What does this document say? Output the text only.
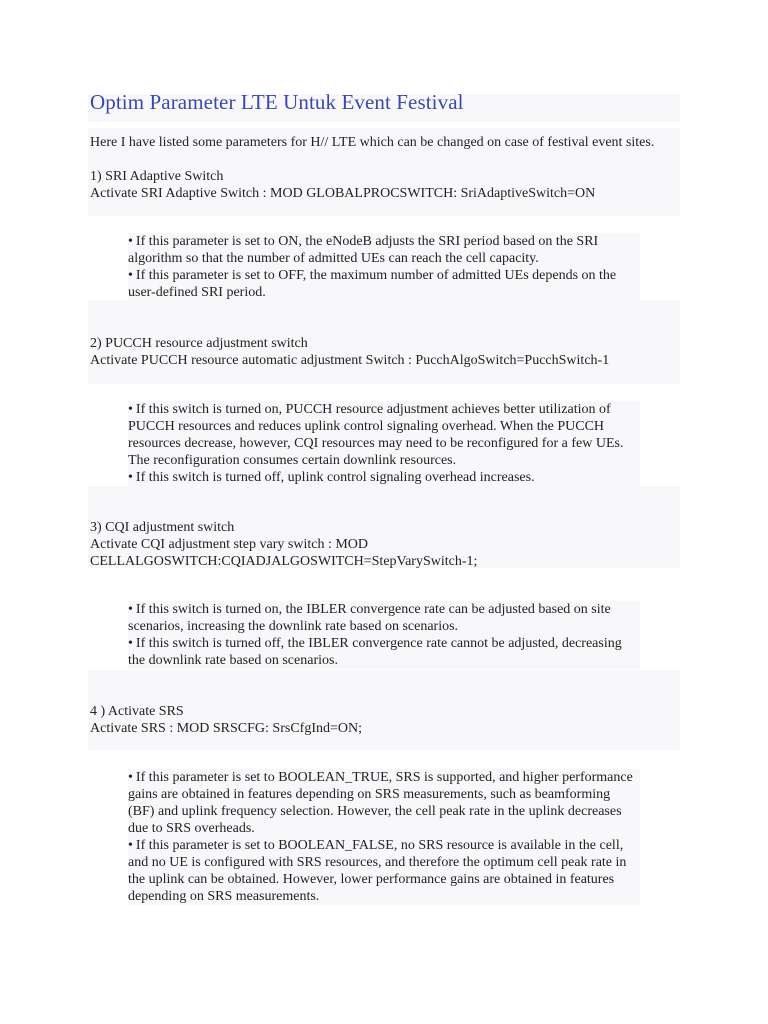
Optim Parameter LTE Untuk Event Festival
Here I have listed some parameters for H// LTE which can be changed on case of festival event sites.
1) SRI Adaptive Switch
Activate SRI Adaptive Switch : MOD GLOBALPROCSWITCH: SriAdaptiveSwitch=ON
• If this parameter is set to ON, the eNodeB adjusts the SRI period based on the SRI algorithm so that the number of admitted UEs can reach the cell capacity.
• If this parameter is set to OFF, the maximum number of admitted UEs depends on the user-defined SRI period.
2) PUCCH resource adjustment switch
Activate PUCCH resource automatic adjustment Switch : PucchAlgoSwitch=PucchSwitch-1
• If this switch is turned on, PUCCH resource adjustment achieves better utilization of PUCCH resources and reduces uplink control signaling overhead. When the PUCCH resources decrease, however, CQI resources may need to be reconfigured for a few UEs. The reconfiguration consumes certain downlink resources.
• If this switch is turned off, uplink control signaling overhead increases.
3) CQI adjustment switch
Activate CQI adjustment step vary switch : MOD CELLALGOSWITCH:CQIADJALGOSWITCH=StepVarySwitch-1;
• If this switch is turned on, the IBLER convergence rate can be adjusted based on site scenarios, increasing the downlink rate based on scenarios.
• If this switch is turned off, the IBLER convergence rate cannot be adjusted, decreasing the downlink rate based on scenarios.
4 ) Activate SRS
Activate SRS : MOD SRSCFG: SrsCfgInd=ON;
• If this parameter is set to BOOLEAN_TRUE, SRS is supported, and higher performance gains are obtained in features depending on SRS measurements, such as beamforming (BF) and uplink frequency selection. However, the cell peak rate in the uplink decreases due to SRS overheads.
• If this parameter is set to BOOLEAN_FALSE, no SRS resource is available in the cell, and no UE is configured with SRS resources, and therefore the optimum cell peak rate in the uplink can be obtained. However, lower performance gains are obtained in features depending on SRS measurements.
